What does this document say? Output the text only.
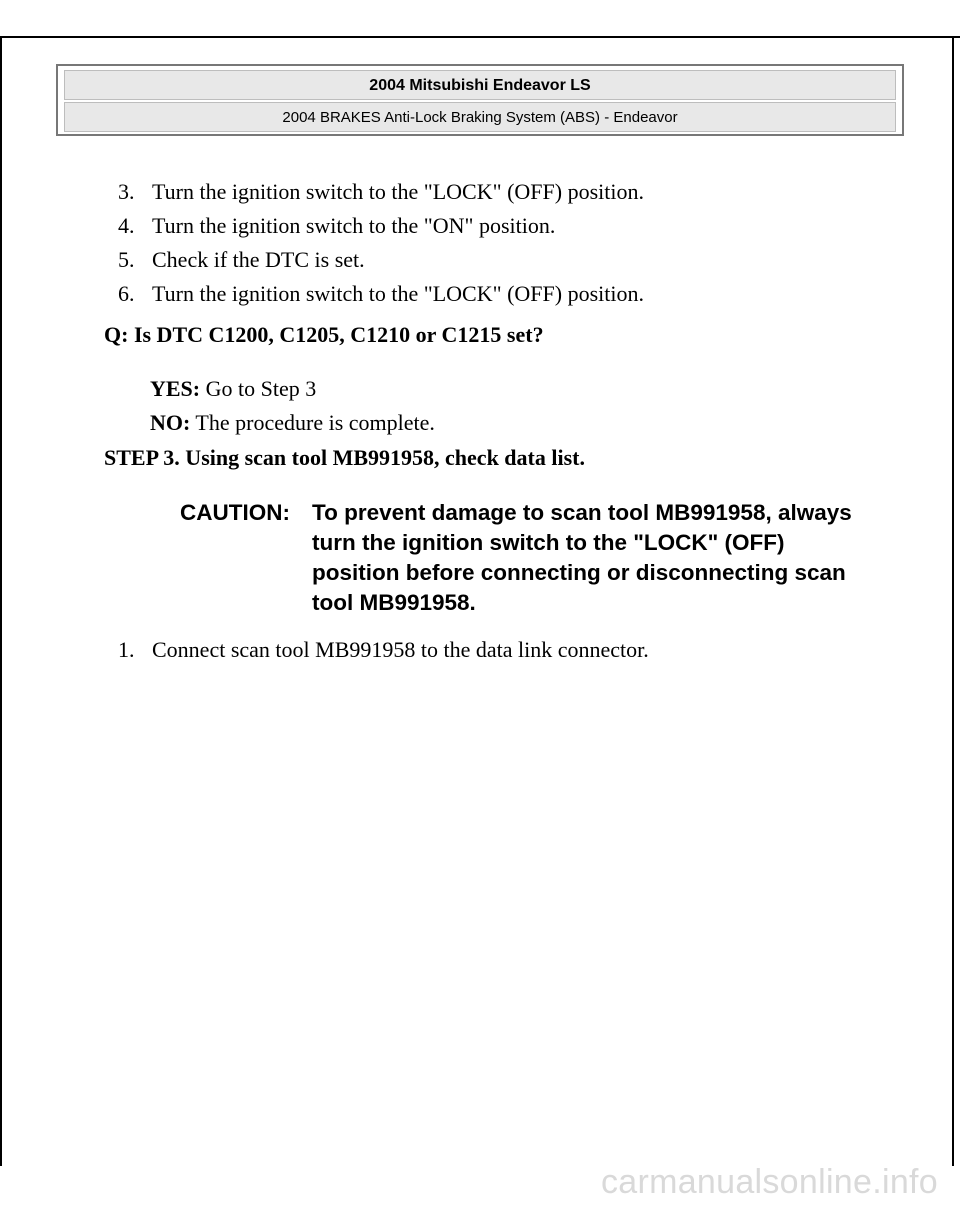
2004 Mitsubishi Endeavor LS
2004 BRAKES Anti-Lock Braking System (ABS) - Endeavor
3. Turn the ignition switch to the "LOCK" (OFF) position.
4. Turn the ignition switch to the "ON" position.
5. Check if the DTC is set.
6. Turn the ignition switch to the "LOCK" (OFF) position.
Q: Is DTC C1200, C1205, C1210 or C1215 set?
YES: Go to Step 3
NO: The procedure is complete.
STEP 3. Using scan tool MB991958, check data list.
CAUTION: To prevent damage to scan tool MB991958, always turn the ignition switch to the "LOCK" (OFF) position before connecting or disconnecting scan tool MB991958.
1. Connect scan tool MB991958 to the data link connector.
carmanualsonline.info
